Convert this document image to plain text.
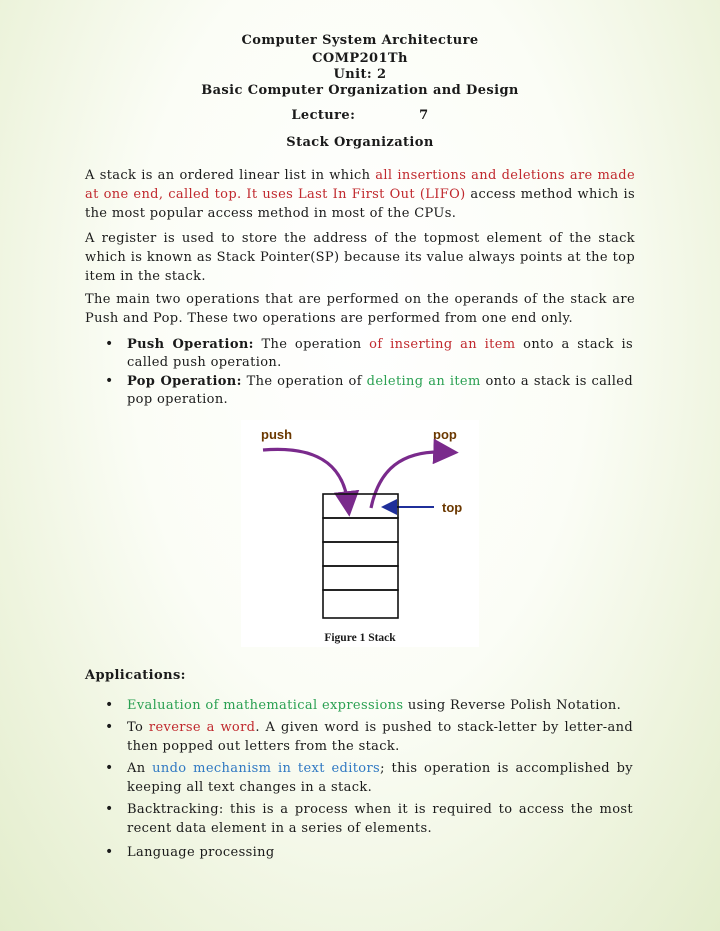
Computer System Architecture
COMP201Th
Unit: 2
Basic Computer Organization and Design
Lecture:	7
Stack Organization

A stack is an ordered linear list in which all insertions and deletions are made at one end, called top. It uses Last In First Out (LIFO) access method which is the most popular access method in most of the CPUs.

A register is used to store the address of the topmost element of the stack which is known as Stack Pointer(SP) because its value always points at the top item in the stack.

The main two operations that are performed on the operands of the stack are Push and Pop. These two operations are performed from one end only.

• Push Operation: The operation of inserting an item onto a stack is called push operation.
• Pop Operation: The operation of deleting an item onto a stack is called pop operation.
push	pop
top
Figure 1 Stack
Applications:
• Evaluation of mathematical expressions using Reverse Polish Notation.
• To reverse a word. A given word is pushed to stack-letter by letter-and then popped out letters from the stack.
• An undo mechanism in text editors; this operation is accomplished by keeping all text changes in a stack.
• Backtracking: this is a process when it is required to access the most recent data element in a series of elements.
• Language processing
